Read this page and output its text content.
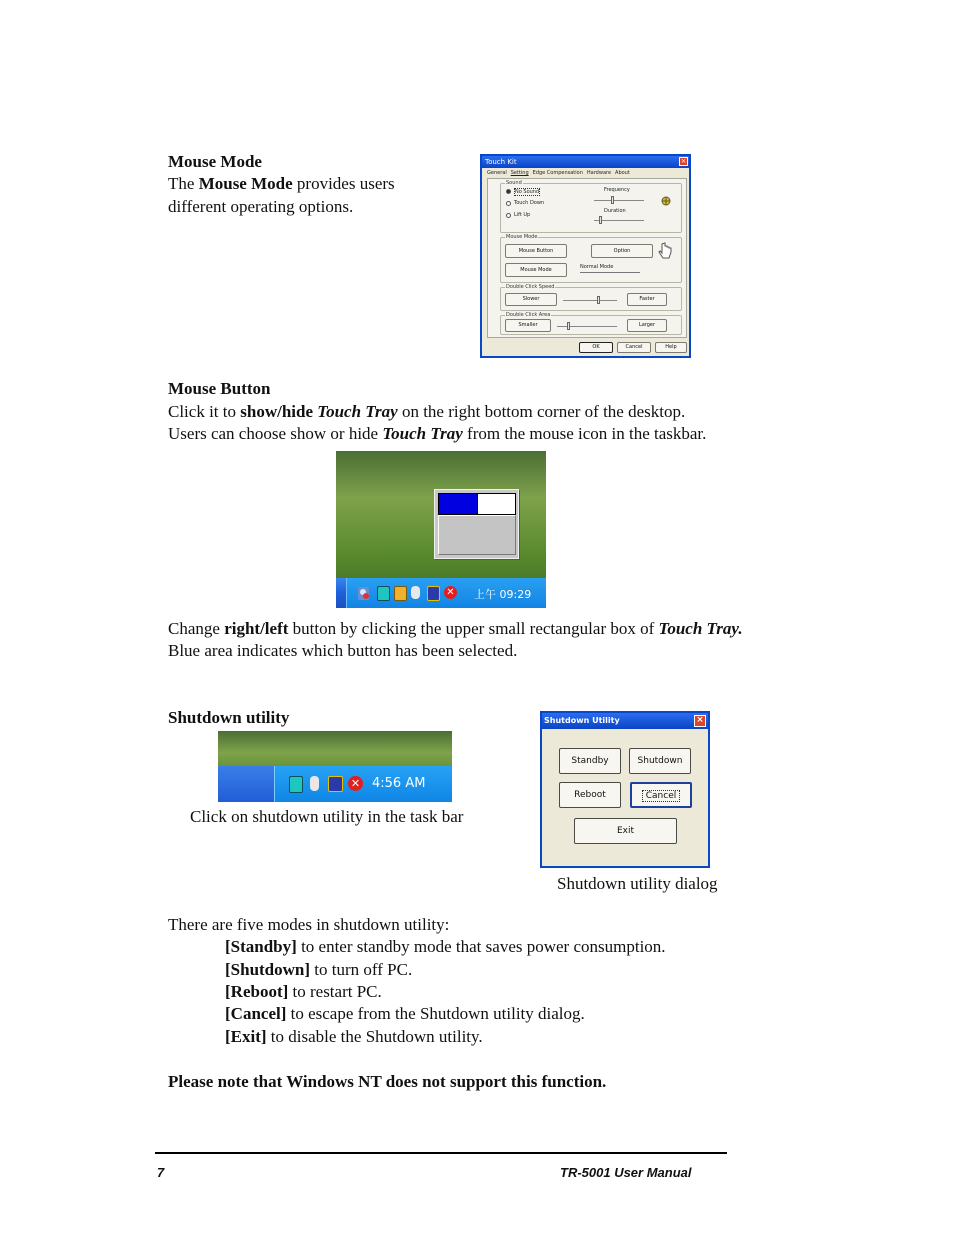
Mouse Mode
The Mouse Mode provides users
different operating options.
Touch Kit	×
General Setting Edge Compensation Hardware About
Sound
No Sound
Touch Down
Lift Up
Frequency
Duration
Mouse Mode
Mouse Button	Option
Mouse Mode	Normal Mode
Double Click Speed
Slower	Faster
Double Click Area
Smaller	Larger
OK	Cancel	Help
Mouse Button
Click it to show/hide Touch Tray on the right bottom corner of the desktop.
Users can choose show or hide Touch Tray from the mouse icon in the taskbar.
✕ 上午 09:29
Change right/left button by clicking the upper small rectangular box of Touch Tray.
Blue area indicates which button has been selected.
Shutdown utility
✕ 4:56 AM
Click on shutdown utility in the task bar
Shutdown Utility	×
Standby	Shutdown
Reboot	Cancel
Exit
Shutdown utility dialog
There are five modes in shutdown utility:
[Standby] to enter standby mode that saves power consumption.
[Shutdown] to turn off PC.
[Reboot] to restart PC.
[Cancel] to escape from the Shutdown utility dialog.
[Exit] to disable the Shutdown utility.
Please note that Windows NT does not support this function.
7	TR-5001 User Manual
